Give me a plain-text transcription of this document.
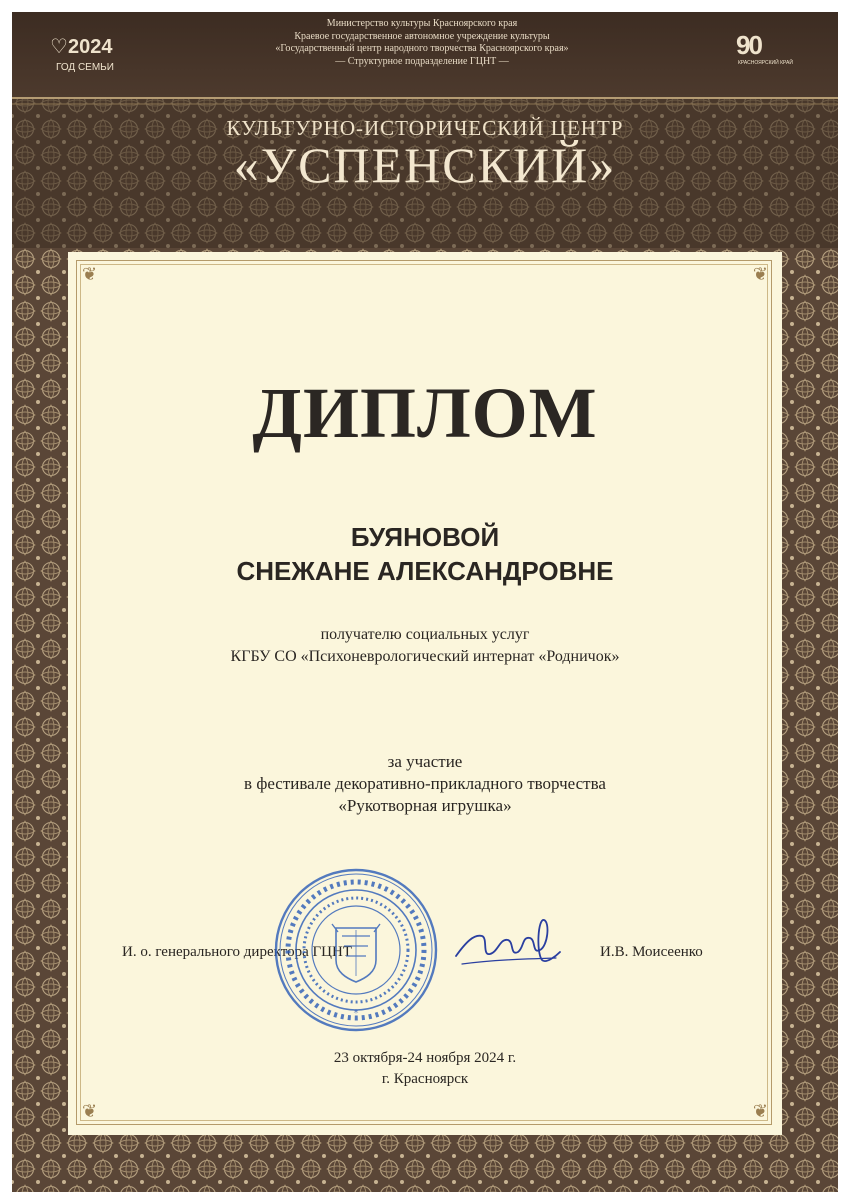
♡ 2024
ГОД СЕМЬИ
Министерство культуры Красноярского края
Краевое государственное автономное учреждение культуры
«Государственный центр народного творчества Красноярского края»
— Структурное подразделение ГЦНТ —
90
КРАСНОЯРСКИЙ КРАЙ
КУЛЬТУРНО-ИСТОРИЧЕСКИЙ ЦЕНТР
«УСПЕНСКИЙ»
❦	❦
❦	❦
ДИПЛОМ
БУЯНОВОЙ
СНЕЖАНЕ АЛЕКСАНДРОВНЕ
получателю социальных услуг
КГБУ СО «Психоневрологический интернат «Родничок»
за участие
в фестивале декоративно-прикладного творчества
«Рукотворная игрушка»
И. о. генерального директора ГЦНТ	И.В. Моисеенко
*
23 октября-24 ноября 2024 г.
г. Красноярск
